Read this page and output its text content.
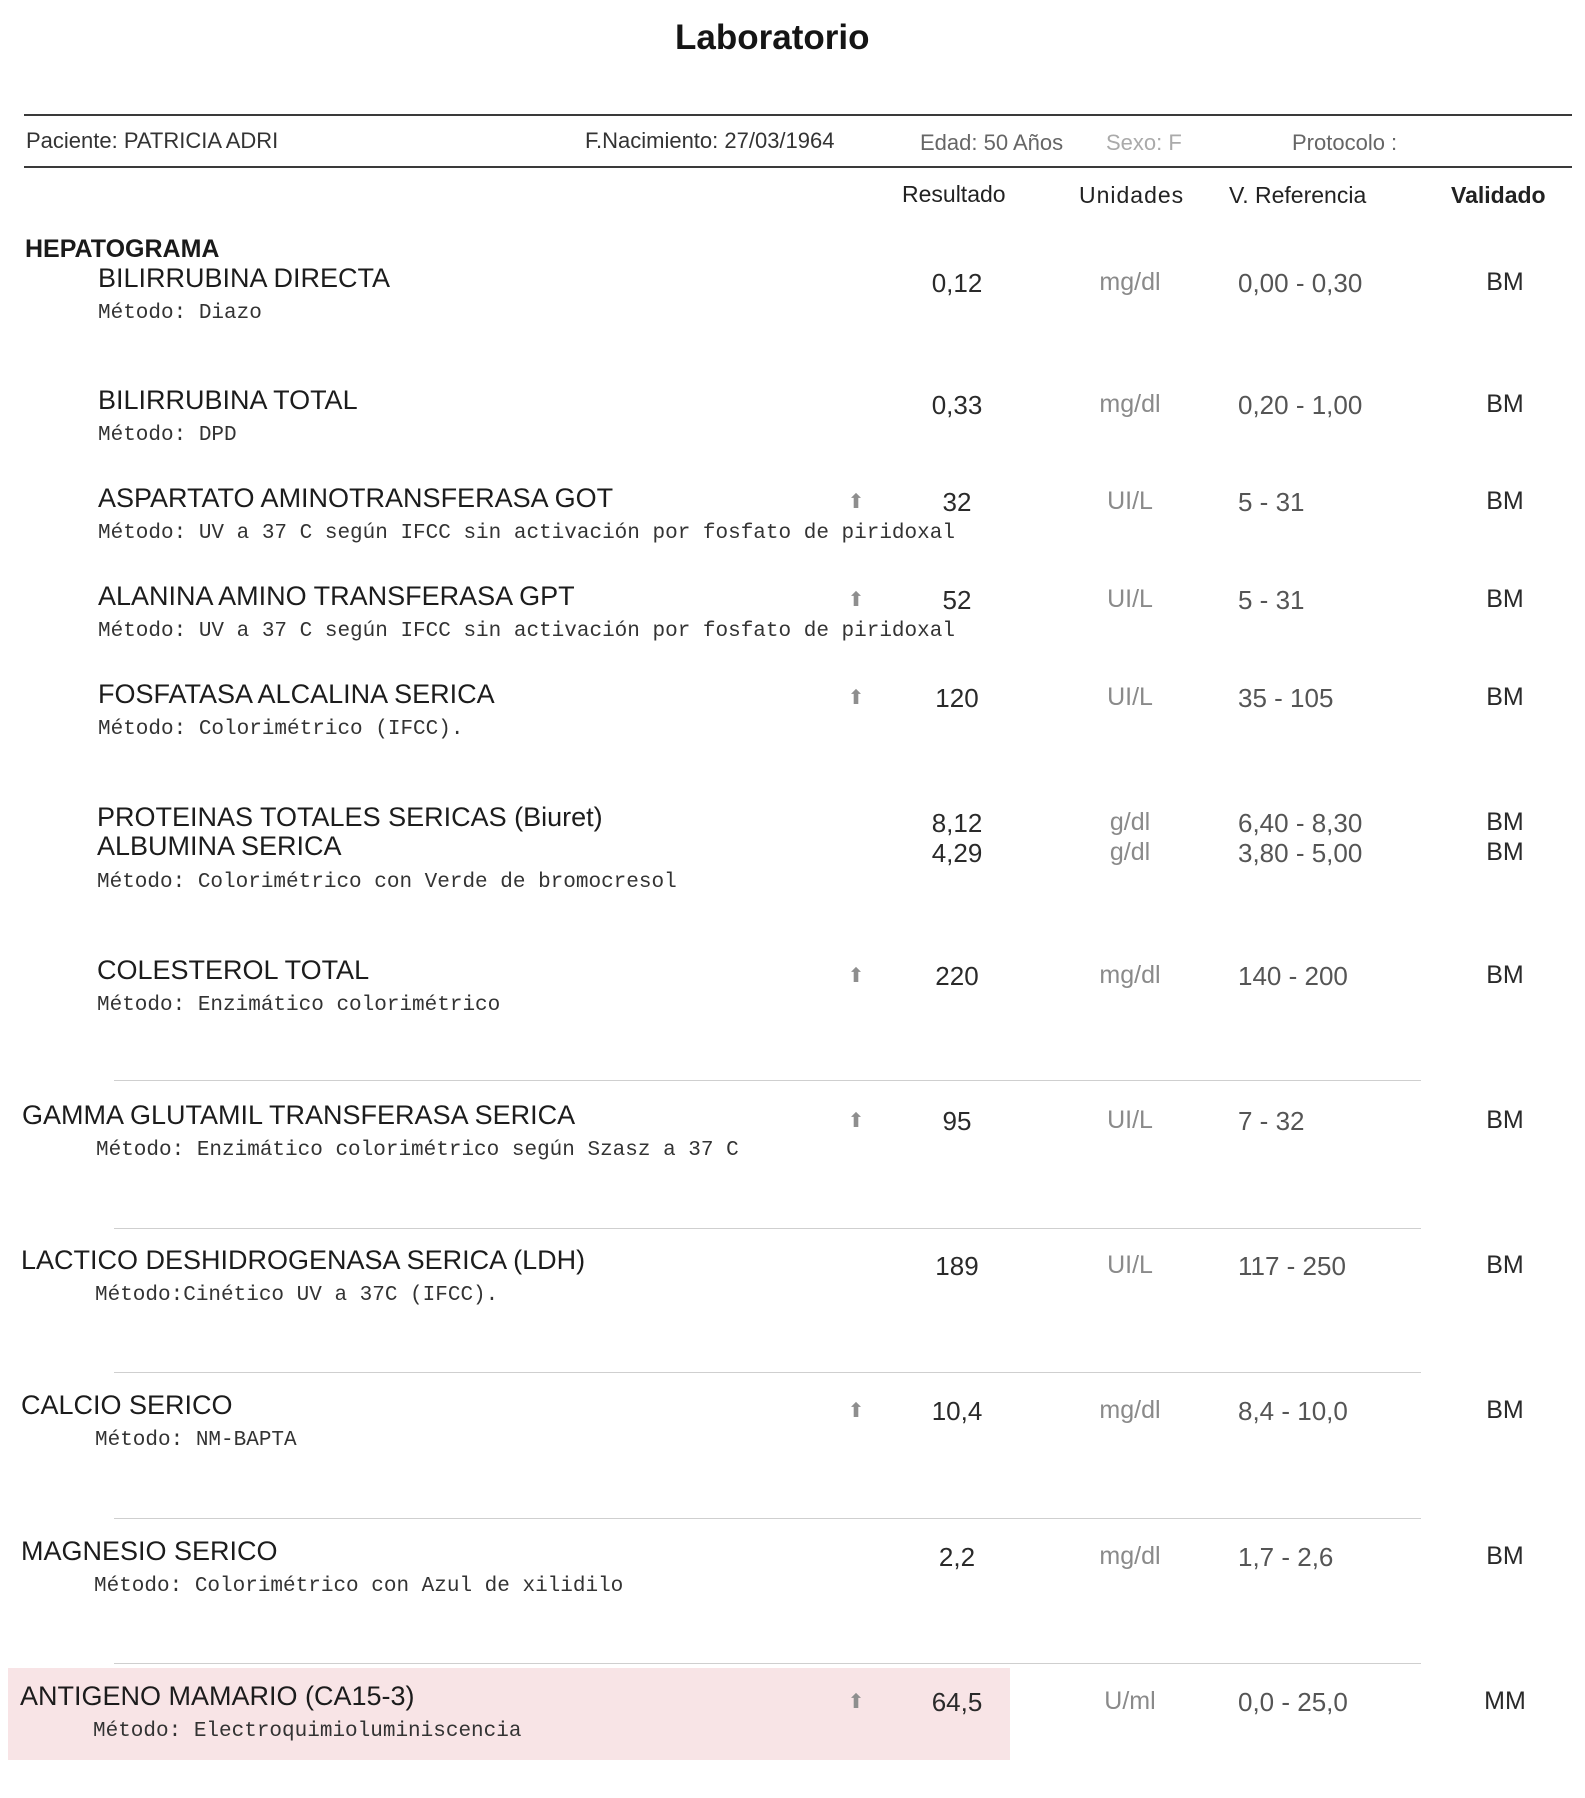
Laboratorio
Paciente: PATRICIA ADRI	F.Nacimiento: 27/03/1964	Edad: 50 Años Sexo: F	Protocolo :
Resultado	Unidades V. Referencia	Validado
HEPATOGRAMA
BILIRRUBINA DIRECTA
Método: Diazo
0,12	mg/dl	0,00 - 0,30	BM
BILIRRUBINA TOTAL
Método: DPD
0,33	mg/dl	0,20 - 1,00	BM
ASPARTATO AMINOTRANSFERASA GOT
Método: UV a 37 C según IFCC sin activación por fosfato de piridoxal
⬆	32	UI/L	5 - 31	BM
ALANINA AMINO TRANSFERASA GPT
Método: UV a 37 C según IFCC sin activación por fosfato de piridoxal
⬆	52	UI/L	5 - 31	BM
FOSFATASA ALCALINA SERICA
Método: Colorimétrico (IFCC).
⬆	120	UI/L	35 - 105	BM
PROTEINAS TOTALES SERICAS (Biuret)	8,12	g/dl	6,40 - 8,30	BM
ALBUMINA SERICA
Método: Colorimétrico con Verde de bromocresol
4,29	g/dl	3,80 - 5,00	BM
COLESTEROL TOTAL
Método: Enzimático colorimétrico
⬆	220	mg/dl	140 - 200	BM
GAMMA GLUTAMIL TRANSFERASA SERICA
Método: Enzimático colorimétrico según Szasz a 37 C
⬆	95	UI/L	7 - 32	BM
LACTICO DESHIDROGENASA SERICA (LDH)
Método:Cinético UV a 37C (IFCC).
189	UI/L	117 - 250	BM
CALCIO SERICO
Método: NM-BAPTA
⬆	10,4	mg/dl	8,4 - 10,0	BM
MAGNESIO SERICO
Método: Colorimétrico con Azul de xilidilo
2,2	mg/dl	1,7 - 2,6	BM
ANTIGENO MAMARIO (CA15-3)
Método: Electroquimioluminiscencia
⬆	64,5	U/ml	0,0 - 25,0	MM
